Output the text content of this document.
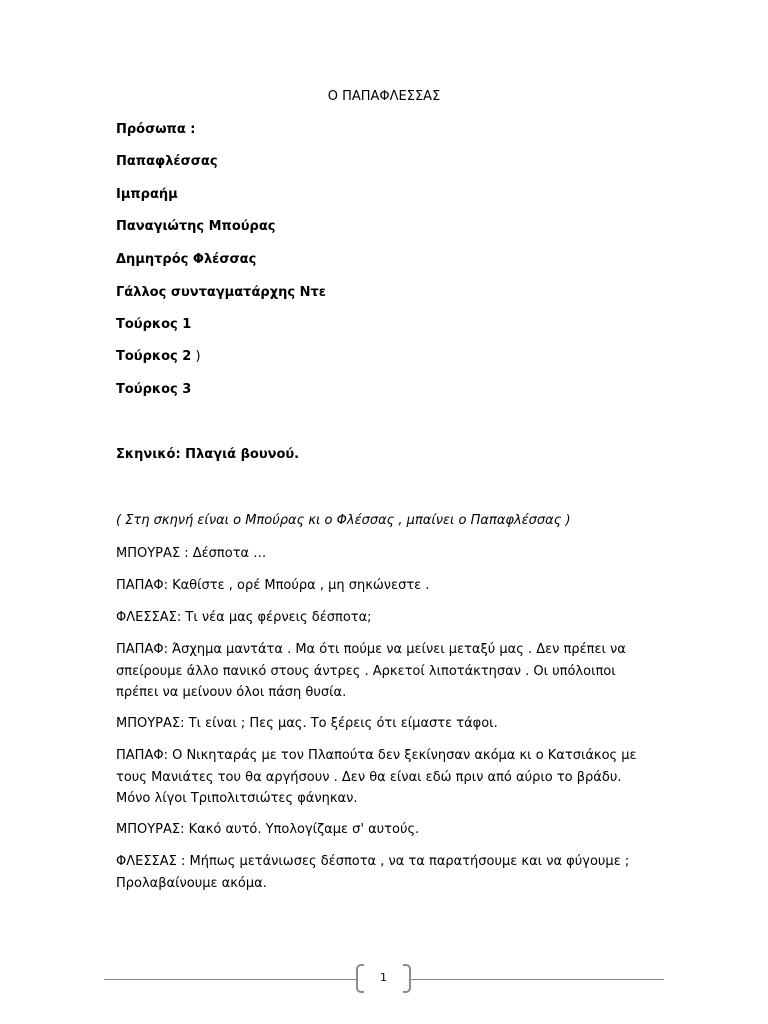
Ο ΠΑΠΑΦΛΕΣΣΑΣ
Πρόσωπα :
Παπαφλέσσας
Ιμπραήμ
Παναγιώτης Μπούρας
Δημητρός Φλέσσας
Γάλλος συνταγματάρχης Ντε
Τούρκος 1
Τούρκος 2 )
Τούρκος 3
Σκηνικό: Πλαγιά βουνού.
( Στη σκηνή είναι ο Μπούρας κι ο Φλέσσας , μπαίνει ο Παπαφλέσσας )
ΜΠΟΥΡΑΣ : Δέσποτα …
ΠΑΠΑΦ: Καθίστε , ορέ Μπούρα , μη σηκώνεστε .
ΦΛΕΣΣΑΣ: Τι νέα μας φέρνεις δέσποτα;
ΠΑΠΑΦ: Άσχημα μαντάτα . Μα ότι πούμε να μείνει μεταξύ μας . Δεν πρέπει να σπείρουμε άλλο πανικό στους άντρες . Αρκετοί λιποτάκτησαν . Οι υπόλοιποι πρέπει να μείνουν όλοι πάση θυσία.
ΜΠΟΥΡΑΣ: Τι είναι ; Πες μας. Το ξέρεις ότι είμαστε τάφοι.
ΠΑΠΑΦ: Ο Νικηταράς με τον Πλαπούτα δεν ξεκίνησαν ακόμα κι ο Κατσιάκος με τους Μανιάτες του θα αργήσουν . Δεν θα είναι εδώ πριν από αύριο το βράδυ. Μόνο λίγοι Τριπολιτσιώτες φάνηκαν.
ΜΠΟΥΡΑΣ: Κακό αυτό. Υπολογίζαμε σ' αυτούς.
ΦΛΕΣΣΑΣ : Μήπως μετάνιωσες δέσποτα , να τα παρατήσουμε και να φύγουμε ; Προλαβαίνουμε ακόμα.
1
